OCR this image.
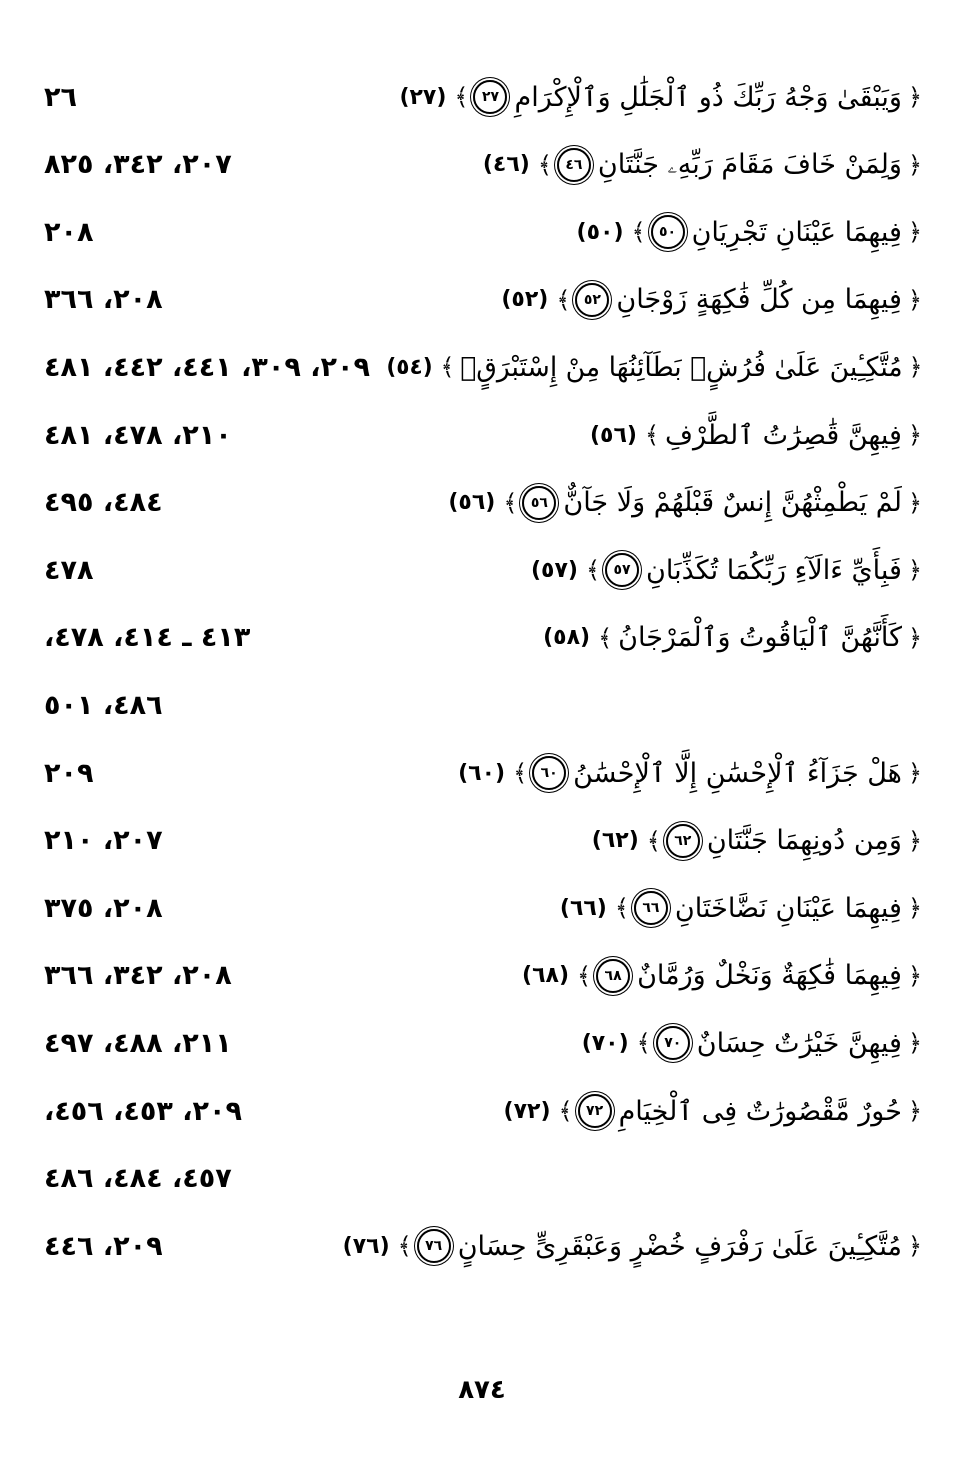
﴿
وَيَبْقَىٰ وَجْهُ رَبِّكَ ذُو ٱلْجَلَٰلِ وَٱلْإِكْرَامِ
٢٧
﴾
(٢٧)
٢٦
﴿
وَلِمَنْ خَافَ مَقَامَ رَبِّهِۦ جَنَّتَانِ
٤٦
﴾
(٤٦)
٢٠٧، ٣٤٢، ٨٢٥
﴿
فِيهِمَا عَيْنَانِ تَجْرِيَانِ
٥٠
﴾
(٥٠)
٢٠٨
﴿
فِيهِمَا مِن كُلِّ فَٰكِهَةٍ زَوْجَانِ
٥٢
﴾
(٥٢)
٢٠٨، ٣٦٦
﴿
مُتَّكِـِٔينَ عَلَىٰ فُرُشٍۭ بَطَآئِنُهَا مِنْ إِسْتَبْرَقٍۚ
﴾
(٥٤)
٢٠٩، ٣٠٩، ٤٤١، ٤٤٢، ٤٨١
﴿
فِيهِنَّ قَٰصِرَٰتُ ٱلطَّرْفِ
﴾
(٥٦)
٢١٠، ٤٧٨، ٤٨١
﴿
لَمْ يَطْمِثْهُنَّ إِنسٌ قَبْلَهُمْ وَلَا جَآنٌّ
٥٦
﴾
(٥٦)
٤٨٤، ٤٩٥
﴿
فَبِأَيِّ ءَالَآءِ رَبِّكُمَا تُكَذِّبَانِ
٥٧
﴾
(٥٧)
٤٧٨
﴿
كَأَنَّهُنَّ ٱلْيَاقُوتُ وَٱلْمَرْجَانُ
﴾
(٥٨)
٤١٣ ـ ٤١٤، ٤٧٨،
٤٨٦، ٥٠١
﴿
هَلْ جَزَآءُ ٱلْإِحْسَٰنِ إِلَّا ٱلْإِحْسَٰنُ
٦٠
﴾
(٦٠)
٢٠٩
﴿
وَمِن دُونِهِمَا جَنَّتَانِ
٦٢
﴾
(٦٢)
٢٠٧، ٢١٠
﴿
فِيهِمَا عَيْنَانِ نَضَّاخَتَانِ
٦٦
﴾
(٦٦)
٢٠٨، ٣٧٥
﴿
فِيهِمَا فَٰكِهَةٌ وَنَخْلٌ وَرُمَّانٌ
٦٨
﴾
(٦٨)
٢٠٨، ٣٤٢، ٣٦٦
﴿
فِيهِنَّ خَيْرَٰتٌ حِسَانٌ
٧٠
﴾
(٧٠)
٢١١، ٤٨٨، ٤٩٧
﴿
حُورٌ مَّقْصُورَٰتٌ فِى ٱلْخِيَامِ
٧٢
﴾
(٧٢)
٢٠٩، ٤٥٣، ٤٥٦،
٤٥٧، ٤٨٤، ٤٨٦
﴿
مُتَّكِـِٔينَ عَلَىٰ رَفْرَفٍ خُضْرٍ وَعَبْقَرِىٍّ حِسَانٍ
٧٦
﴾
(٧٦)
٢٠٩، ٤٤٦
٨٧٤
